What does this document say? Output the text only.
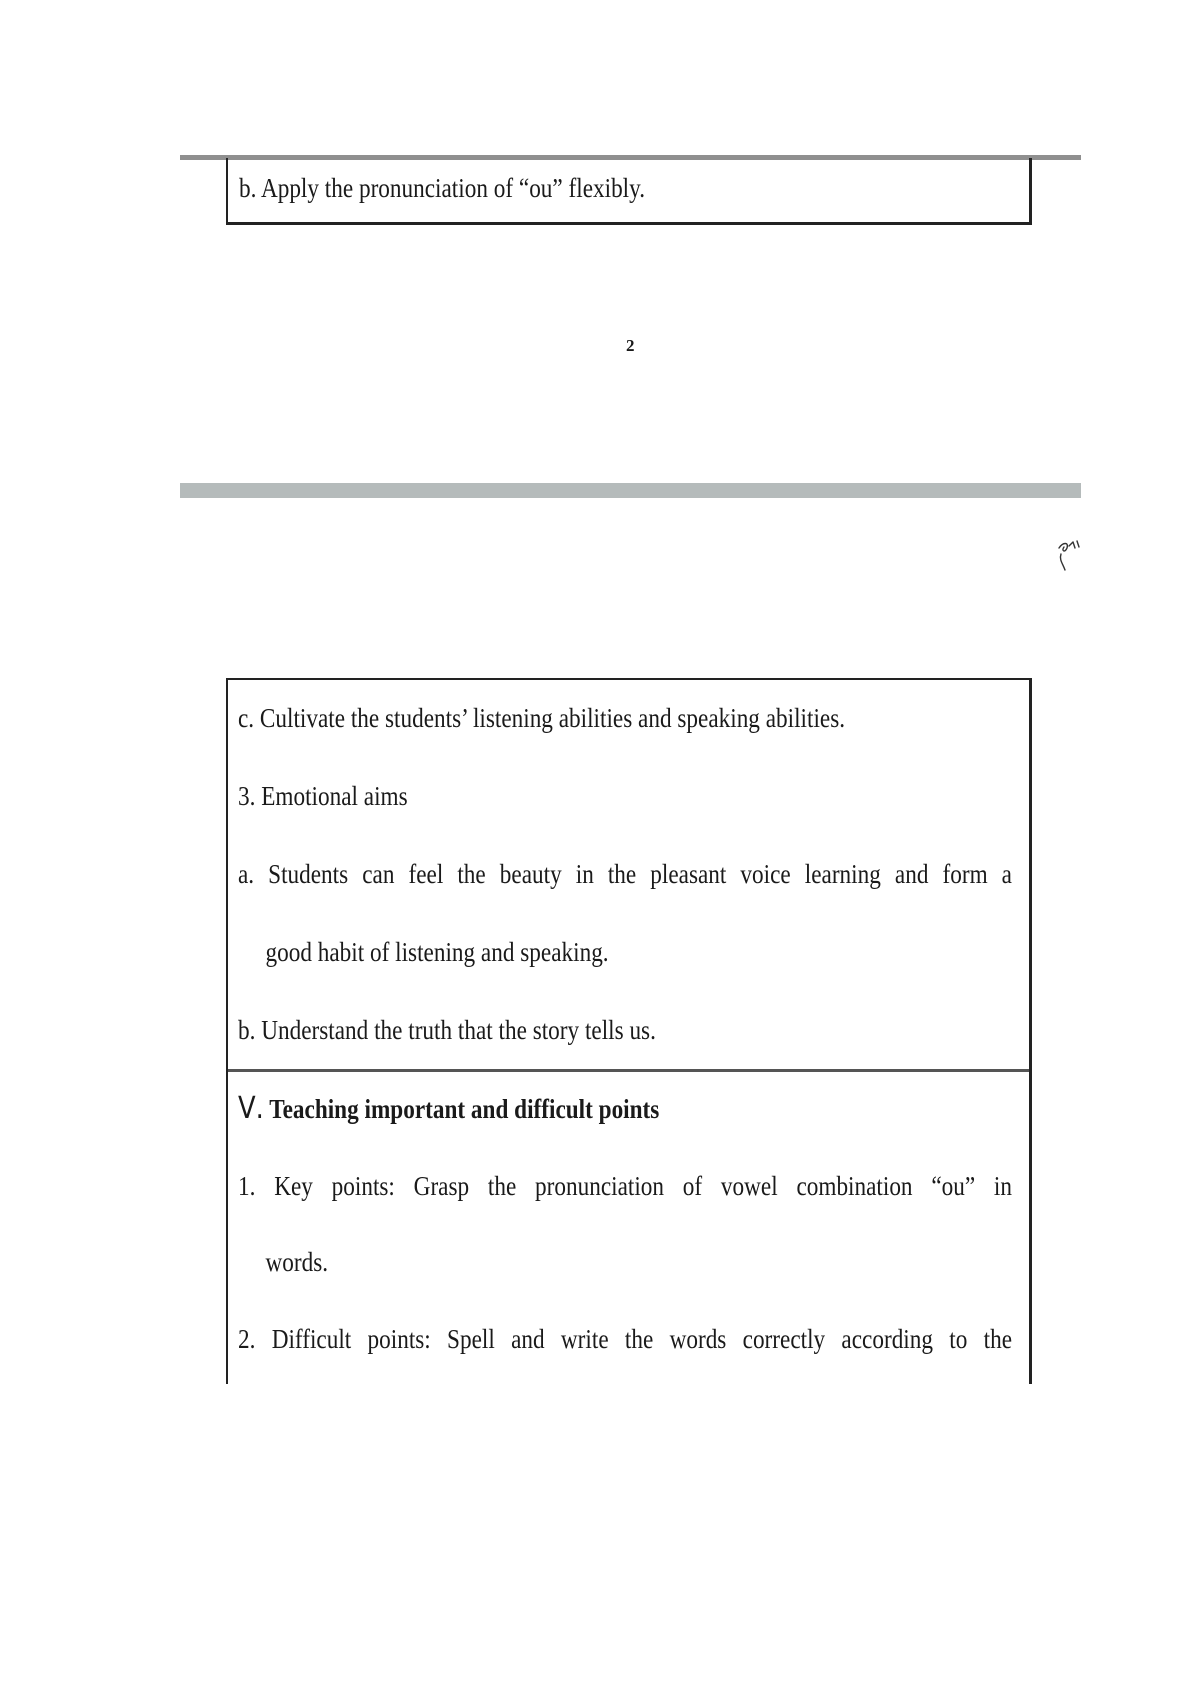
b. Apply the pronunciation of “ou” flexibly.
2
c. Cultivate the students’ listening abilities and speaking abilities.
3. Emotional aims
a. Students can feel the beauty in the pleasant voice learning and form a
good habit of listening and speaking.
b. Understand the truth that the story tells us.
Ⅴ. Teaching important and difficult points
1. Key points: Grasp the pronunciation of vowel combination “ou” in
words.
2. Difficult points: Spell and write the words correctly according to the
